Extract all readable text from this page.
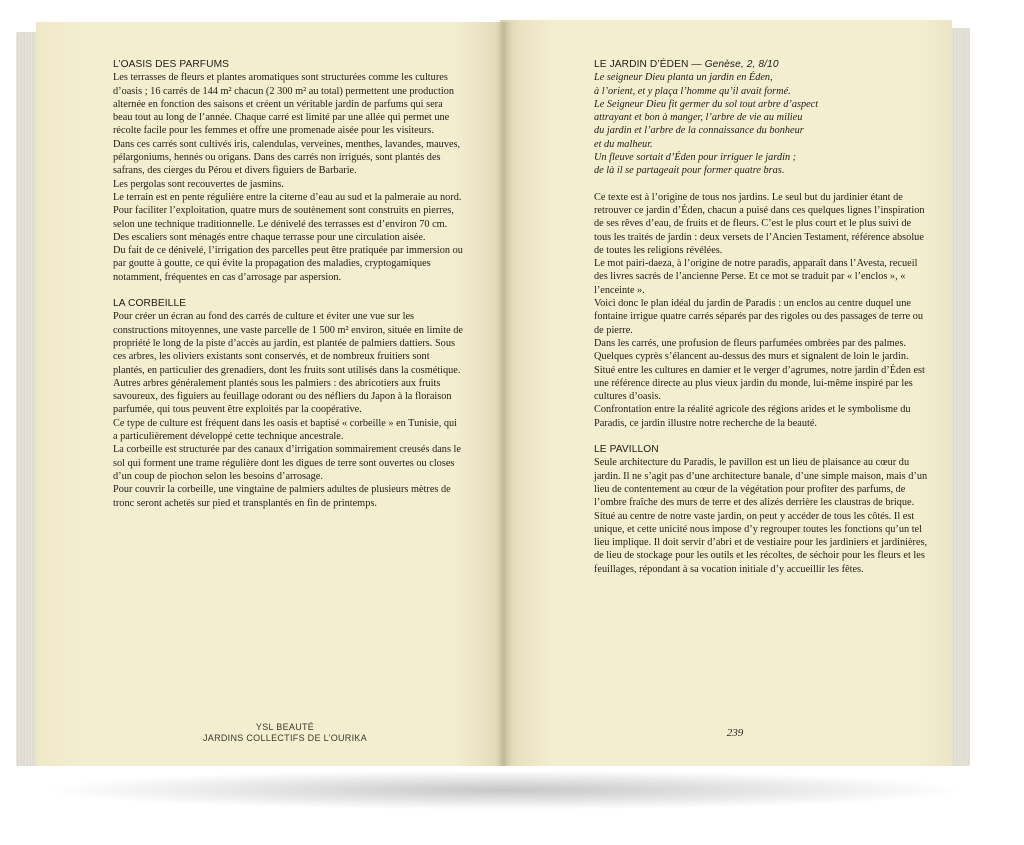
L’OASIS DES PARFUMS

Les terrasses de fleurs et plantes aromatiques sont structurées comme les cultures d’oasis ; 16 carrés de 144 m² chacun (2 300 m² au total) permettent une production alternée en fonction des saisons et créent un véritable jardin de parfums qui sera beau tout au long de l’année. Chaque carré est limité par une allée qui permet une récolte facile pour les femmes et offre une promenade aisée pour les visiteurs.

Dans ces carrés sont cultivés iris, calendulas, verveines, menthes, lavandes, mauves, pélargoniums, hennés ou origans. Dans des carrés non irrigués, sont plantés des safrans, des cierges du Pérou et divers figuiers de Barbarie.

Les pergolas sont recouvertes de jasmins.

Le terrain est en pente régulière entre la citerne d’eau au sud et la palmeraie au nord. Pour faciliter l’exploitation, quatre murs de soutènement sont construits en pierres, selon une technique traditionnelle. Le dénivelé des terrasses est d’environ 70 cm. Des escaliers sont ménagés entre chaque terrasse pour une circulation aisée.

Du fait de ce dénivelé, l’irrigation des parcelles peut être pratiquée par immersion ou par goutte à goutte, ce qui évite la propagation des maladies, cryptogamiques notamment, fréquentes en cas d’arrosage par aspersion.

LA CORBEILLE

Pour créer un écran au fond des carrés de culture et éviter une vue sur les constructions mitoyennes, une vaste parcelle de 1 500 m² environ, située en limite de propriété le long de la piste d’accès au jardin, est plantée de palmiers dattiers. Sous ces arbres, les oliviers existants sont conservés, et de nombreux fruitiers sont plantés, en particulier des grenadiers, dont les fruits sont utilisés dans la cosmétique. Autres arbres généralement plantés sous les palmiers : des abricotiers aux fruits savoureux, des figuiers au feuillage odorant ou des néfliers du Japon à la floraison parfumée, qui tous peuvent être exploités par la coopérative.

Ce type de culture est fréquent dans les oasis et baptisé « corbeille » en Tunisie, qui a particulièrement développé cette technique ancestrale.

La corbeille est structurée par des canaux d’irrigation sommairement creusés dans le sol qui forment une trame régulière dont les digues de terre sont ouvertes ou closes d’un coup de piochon selon les besoins d’arrosage.

Pour couvrir la corbeille, une vingtaine de palmiers adultes de plusieurs mètres de tronc seront achetés sur pied et transplantés en fin de printemps.

LE JARDIN D’ÉDEN — Genèse, 2, 8/10

Le seigneur Dieu planta un jardin en Éden,

à l’orient, et y plaça l’homme qu’il avait formé.

Le Seigneur Dieu fit germer du sol tout arbre d’aspect

attrayant et bon à manger, l’arbre de vie au milieu

du jardin et l’arbre de la connaissance du bonheur

et du malheur.

Un fleuve sortait d’Éden pour irriguer le jardin ;

de là il se partageait pour former quatre bras.

Ce texte est à l’origine de tous nos jardins. Le seul but du jardinier étant de retrouver ce jardin d’Éden, chacun a puisé dans ces quelques lignes l’inspiration de ses rêves d’eau, de fruits et de fleurs. C’est le plus court et le plus suivi de tous les traités de jardin : deux versets de l’Ancien Testament, référence absolue de toutes les religions révélées.

Le mot pairi-daeza, à l’origine de notre paradis, apparaît dans l’Avesta, recueil des livres sacrés de l’ancienne Perse. Et ce mot se traduit par « l’enclos », « l’enceinte ».

Voici donc le plan idéal du jardin de Paradis : un enclos au centre duquel une fontaine irrigue quatre carrés séparés par des rigoles ou des passages de terre ou de pierre.

Dans les carrés, une profusion de fleurs parfumées ombrées par des palmes. Quelques cyprès s’élancent au-dessus des murs et signalent de loin le jardin.

Situé entre les cultures en damier et le verger d’agrumes, notre jardin d’Éden est une référence directe au plus vieux jardin du monde, lui-même inspiré par les cultures d’oasis.

Confrontation entre la réalité agricole des régions arides et le symbolisme du Paradis, ce jardin illustre notre recherche de la beauté.

LE PAVILLON

Seule architecture du Paradis, le pavillon est un lieu de plaisance au cœur du jardin. Il ne s’agit pas d’une architecture banale, d’une simple maison, mais d’un lieu de contentement au cœur de la végétation pour profiter des parfums, de l’ombre fraîche des murs de terre et des alizés derrière les claustras de brique. Situé au centre de notre vaste jardin, on peut y accéder de tous les côtés. Il est unique, et cette unicité nous impose d’y regrouper toutes les fonctions qu’un tel lieu implique. Il doit servir d’abri et de vestiaire pour les jardiniers et jardinières, de lieu de stockage pour les outils et les récoltes, de séchoir pour les fleurs et les feuillages, répondant à sa vocation initiale d’y accueillir les fêtes.

YSL BEAUTÉ
JARDINS COLLECTIFS DE L’OURIKA	239
